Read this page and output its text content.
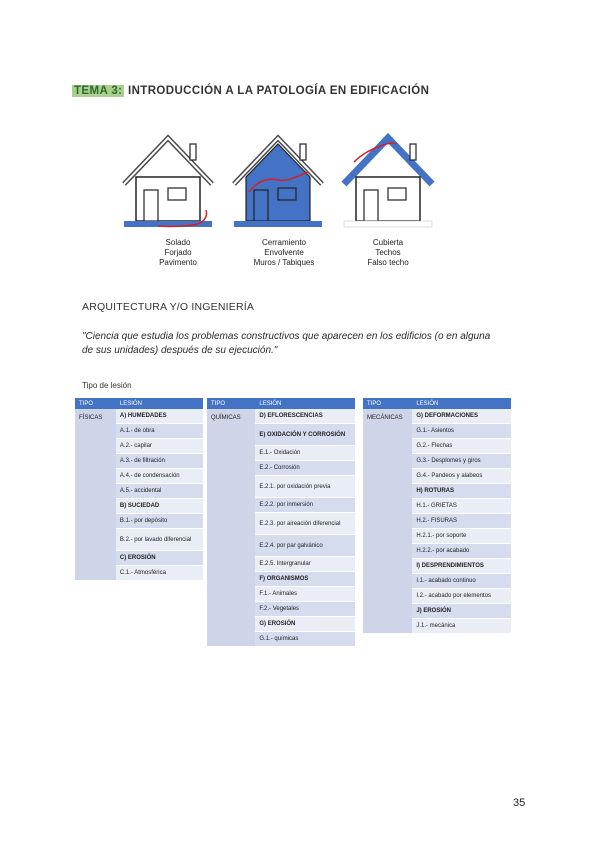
TEMA 3: INTRODUCCIÓN A LA PATOLOGÍA EN EDIFICACIÓN
Solado
Forjado
Pavimento
Cerramiento
Envolvente
Muros / Tabiques
Cubierta
Techos
Falso techo
ARQUITECTURA Y/O INGENIERÍA
"Ciencia que estudia los problemas constructivos que aparecen en los edificios (o en alguna de sus unidades) después de su ejecución."
Tipo de lesión
TIPO	LESIÓN
FÍSICAS	A) HUMEDADES
	A.1.- de obra
	A.2.- capilar
	A.3.- de filtración
	A.4.- de condensación
	A.5.- accidental
	B) SUCIEDAD
	B.1.- por depósito
	B.2.- por lavado diferencial
	C) EROSIÓN
	C.1.- Atmosférica
TIPO	LESIÓN
QUÍMICAS	D) EFLORESCENCIAS
	E) OXIDACIÓN Y CORROSIÓN
	E.1.- Oxidación
	E.2.- Corrosión
	E.2.1. por oxidación previa
	E.2.2. por inmersión
	E.2.3. por aireación diferencial
	E.2.4. por par galvánico
	E.2.5. Intergranular
	F) ORGANISMOS
	F.1.- Animales
	F.2.- Vegetales
	G) EROSIÓN
	G.1.- químicas
TIPO	LESIÓN
MECÁNICAS	G) DEFORMACIONES
	G.1.- Asientos
	G.2.- Flechas
	G.3.- Desplomes y giros
	G.4.- Pandeos y alabeos
	H) ROTURAS
	H.1.- GRIETAS
	H.2.- FISURAS
	H.2.1.- por soporte
	H.2.2.- por acabado
	I) DESPRENDIMIENTOS
	I.1.- acabado continuo
	I.2.- acabado por elementos
	J) EROSIÓN
	J.1.- mecánica
35
